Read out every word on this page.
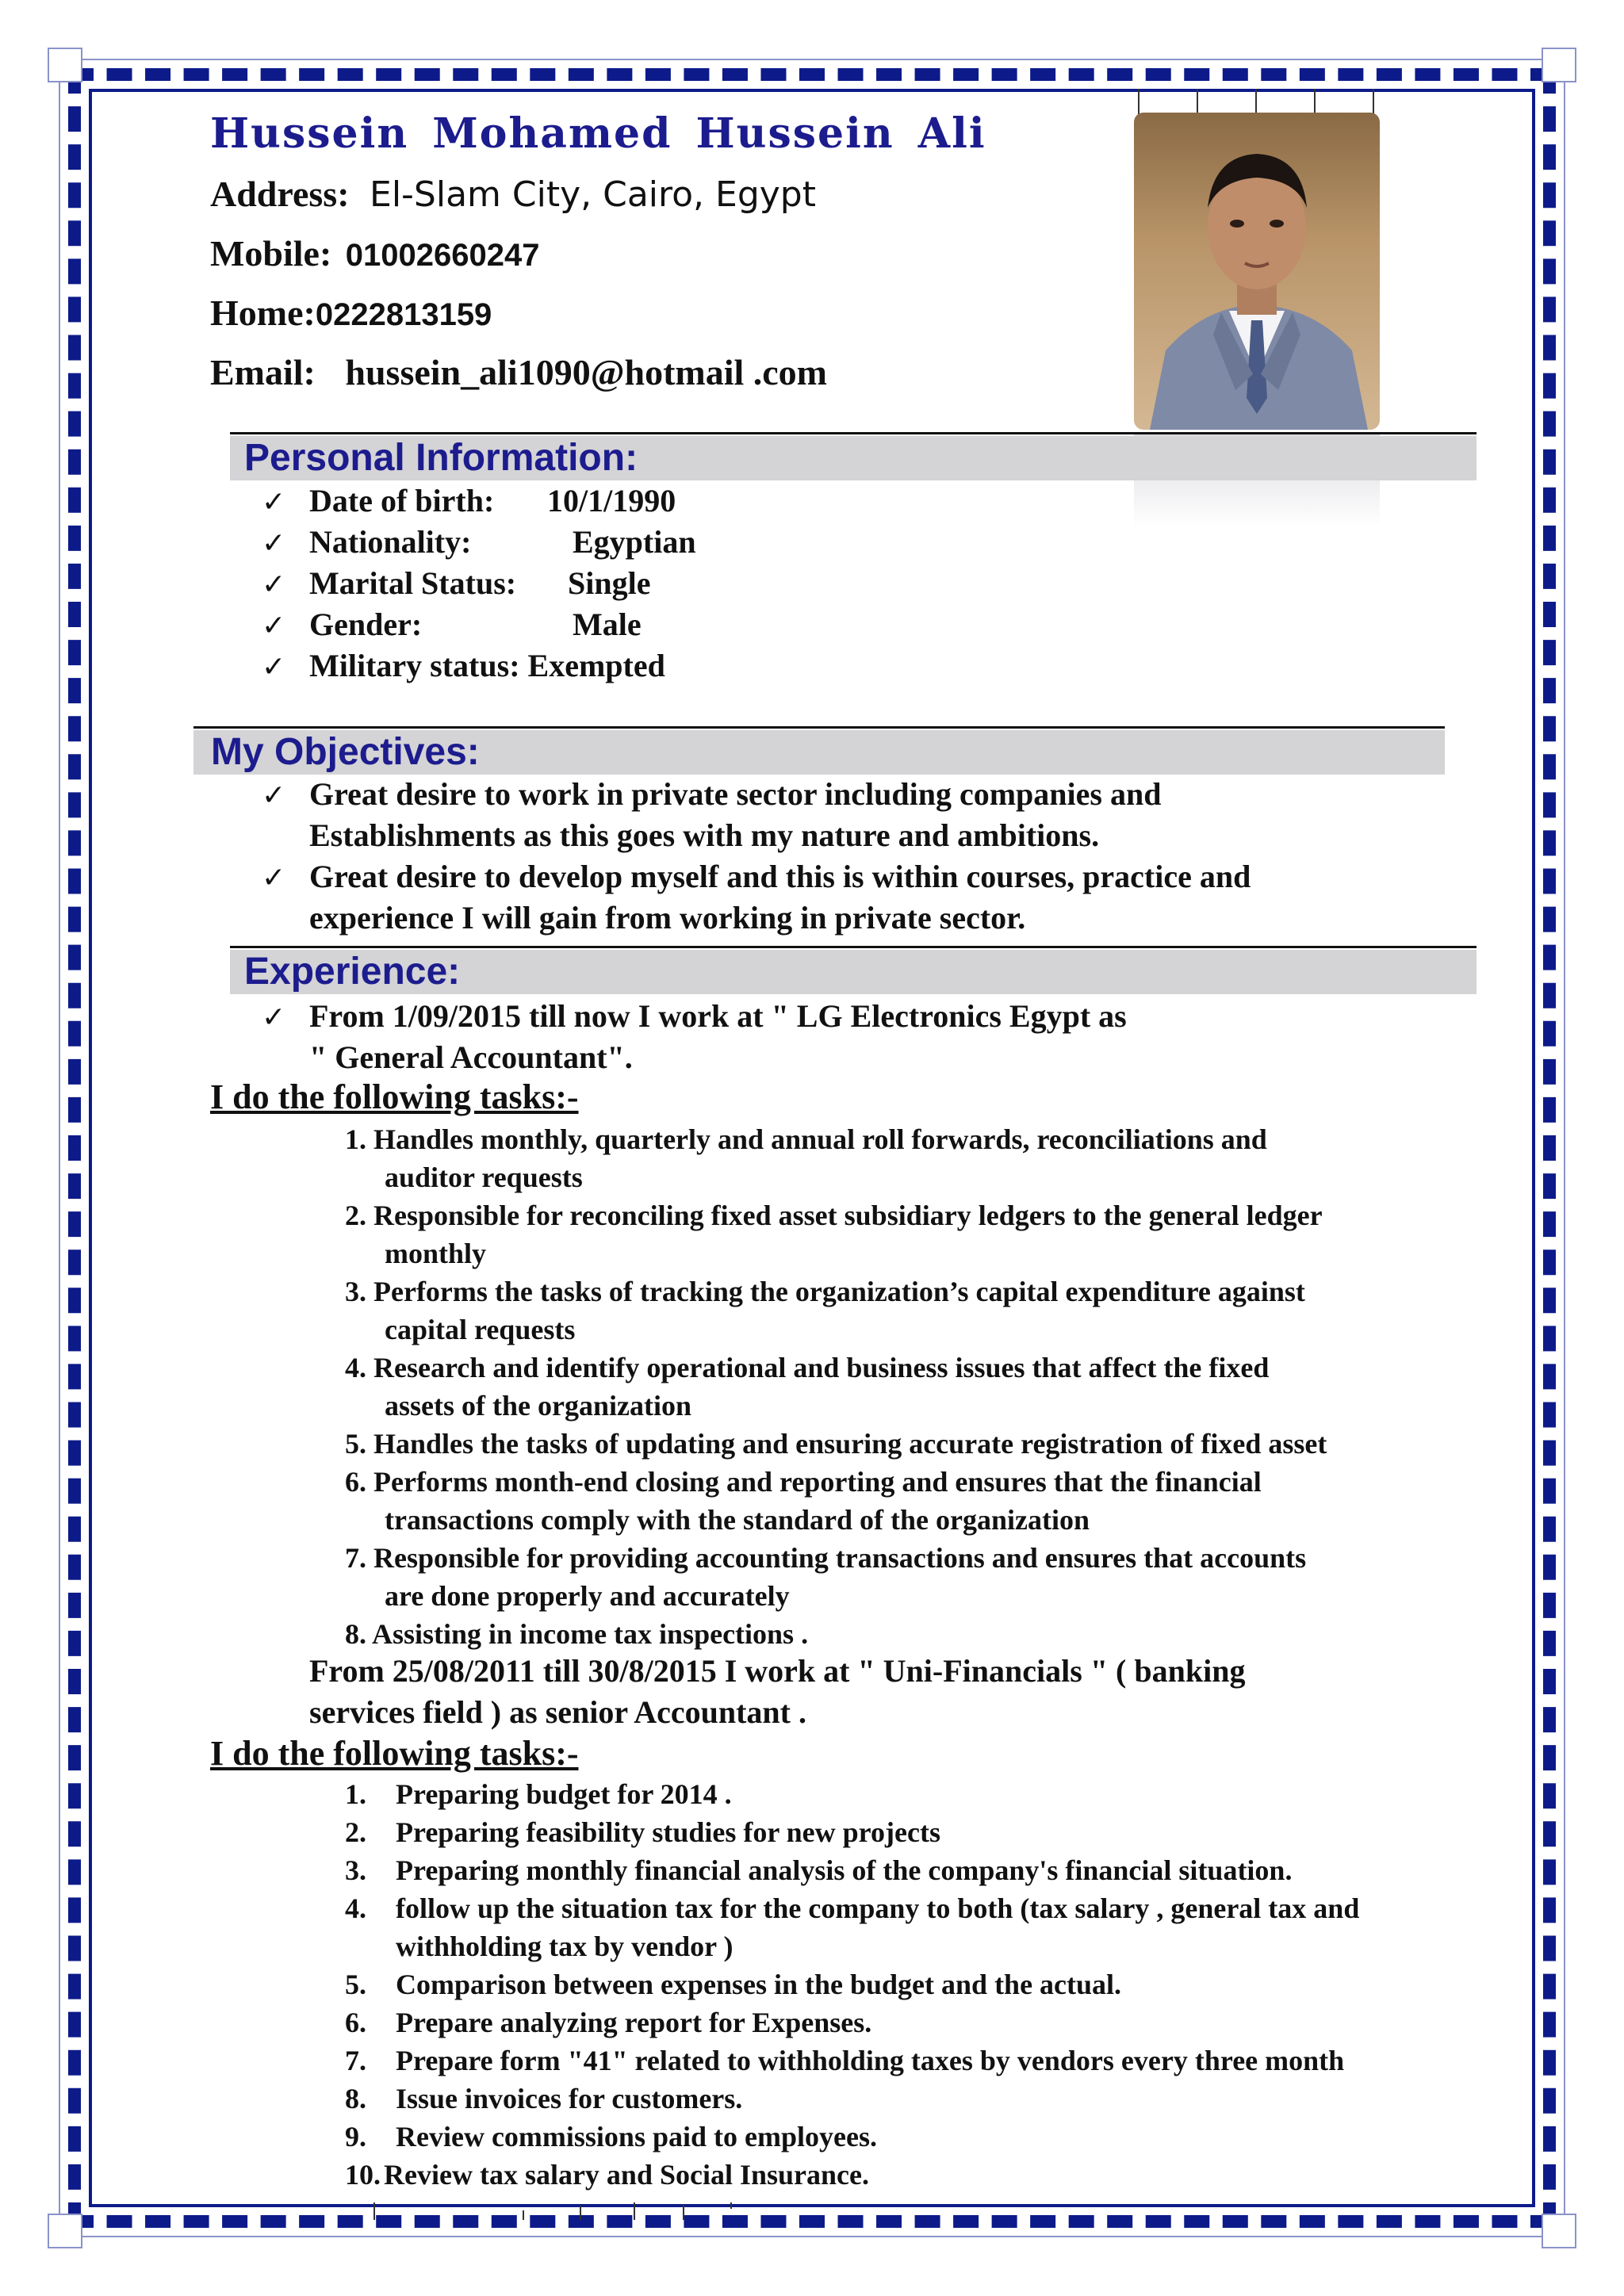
Hussein Mohamed Hussein Ali
Address: El-Slam City, Cairo, Egypt
Mobile: 01002660247
Home:0222813159
Email: hussein_ali1090@hotmail .com
Personal Information:
✓ Date of birth: 10/1/1990
✓ Nationality:	Egyptian
✓ Marital Status: Single
✓ Gender:	Male
✓ Military status: Exempted
My Objectives:
✓ Great desire to work in private sector including companies and
Establishments as this goes with my nature and ambitions.
✓ Great desire to develop myself and this is within courses, practice and
experience I will gain from working in private sector.
Experience:
✓ From 1/09/2015 till now I work at " LG Electronics Egypt as
" General Accountant".
I do the following tasks:-
1. Handles monthly, quarterly and annual roll forwards, reconciliations and
auditor requests
2. Responsible for reconciling fixed asset subsidiary ledgers to the general ledger
monthly
3. Performs the tasks of tracking the organization’s capital expenditure against
capital requests
4. Research and identify operational and business issues that affect the fixed
assets of the organization
5. Handles the tasks of updating and ensuring accurate registration of fixed asset
6. Performs month-end closing and reporting and ensures that the financial
transactions comply with the standard of the organization
7. Responsible for providing accounting transactions and ensures that accounts
are done properly and accurately
8. Assisting in income tax inspections .
From 25/08/2011 till 30/8/2015 I work at " Uni-Financials " ( banking
services field ) as senior Accountant .
I do the following tasks:-
1. Preparing budget for 2014 .
2. Preparing feasibility studies for new projects
3. Preparing monthly financial analysis of the company's financial situation.
4. follow up the situation tax for the company to both (tax salary , general tax and
withholding tax by vendor )
5. Comparison between expenses in the budget and the actual.
6. Prepare analyzing report for Expenses.
7. Prepare form "41" related to withholding taxes by vendors every three month
8. Issue invoices for customers.
9. Review commissions paid to employees.
10. Review tax salary and Social Insurance.
